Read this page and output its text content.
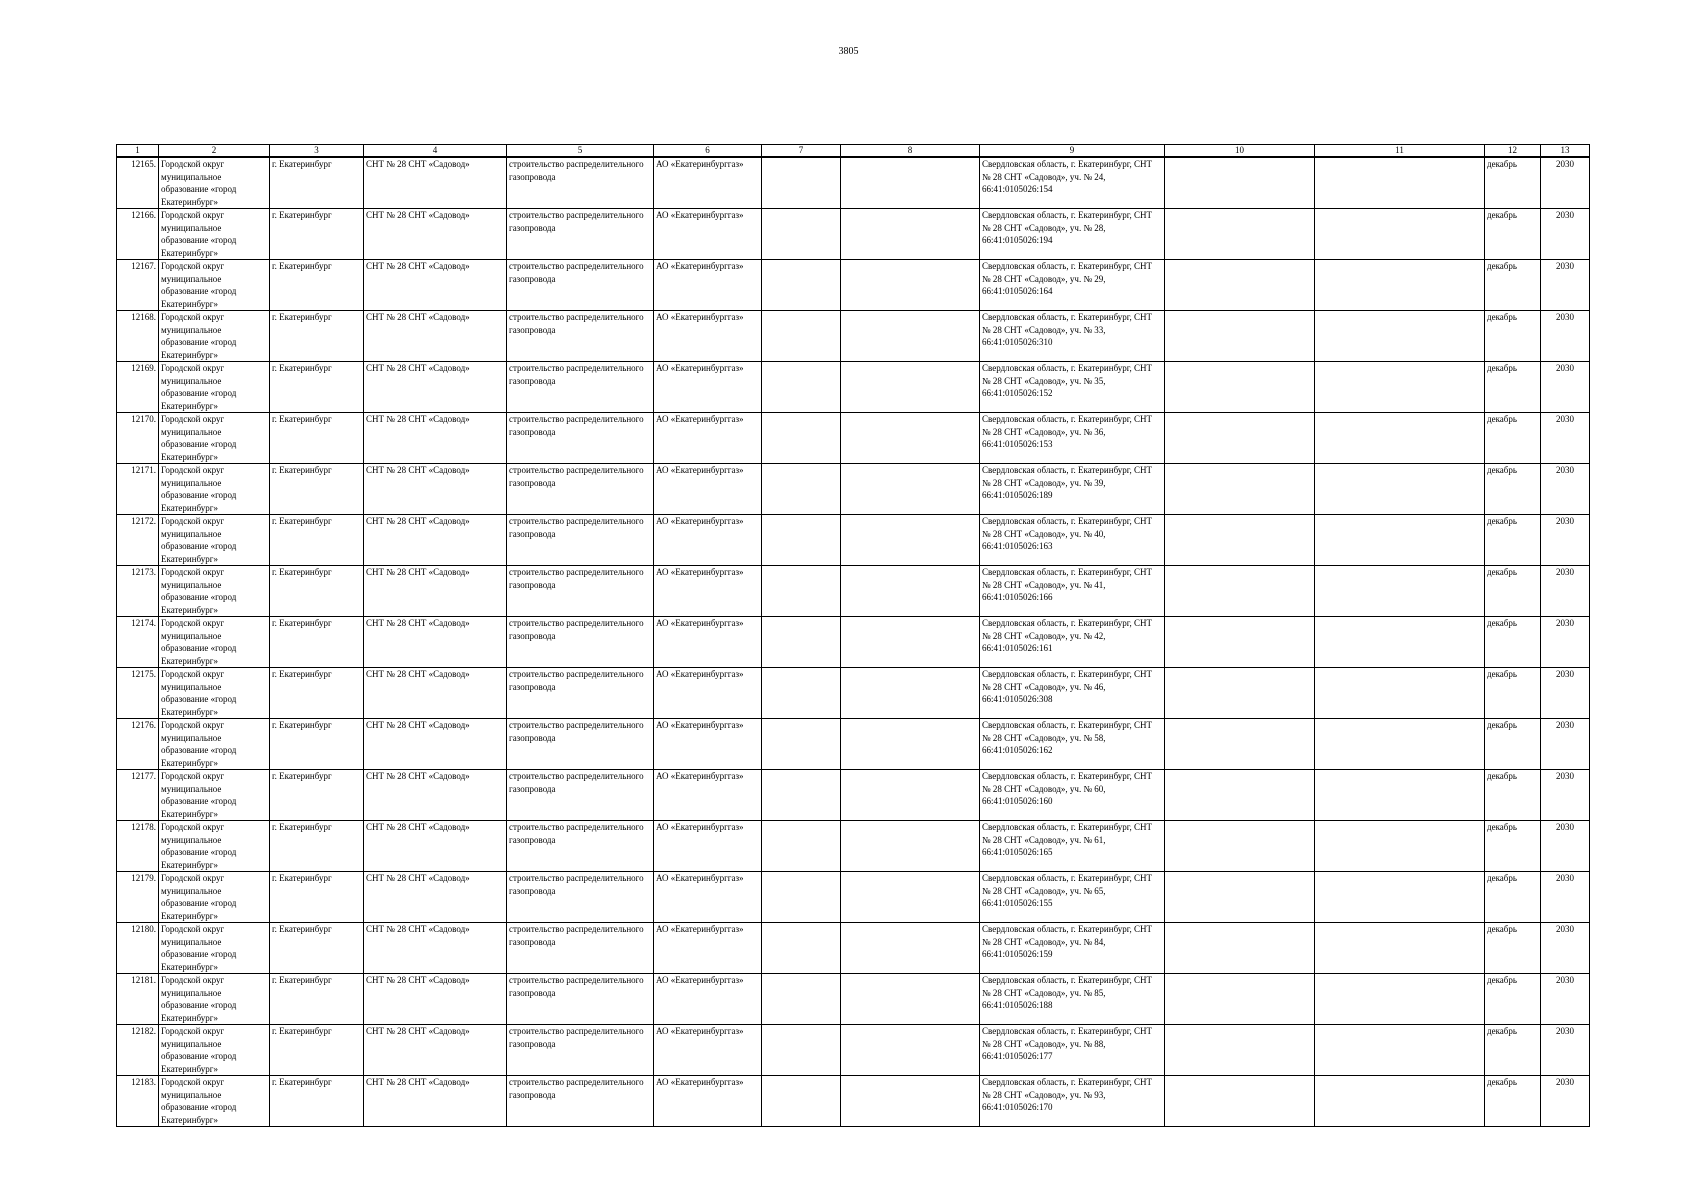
3805
1	2	3	4	5	6	7	8	9	10	11	12	13
12165.	Городской округ муниципальное образование «город Екатеринбург»	г. Екатеринбург	СНТ № 28 СНТ «Садовод»	строительство распределительного газопровода	АО «Екатеринбурггаз»			Свердловская область, г. Екатеринбург, СНТ № 28 СНТ «Садовод», уч. № 24, 66:41:0105026:154			декабрь	2030
12166.	Городской округ муниципальное образование «город Екатеринбург»	г. Екатеринбург	СНТ № 28 СНТ «Садовод»	строительство распределительного газопровода	АО «Екатеринбурггаз»			Свердловская область, г. Екатеринбург, СНТ № 28 СНТ «Садовод», уч. № 28, 66:41:0105026:194			декабрь	2030
12167.	Городской округ муниципальное образование «город Екатеринбург»	г. Екатеринбург	СНТ № 28 СНТ «Садовод»	строительство распределительного газопровода	АО «Екатеринбурггаз»			Свердловская область, г. Екатеринбург, СНТ № 28 СНТ «Садовод», уч. № 29, 66:41:0105026:164			декабрь	2030
12168.	Городской округ муниципальное образование «город Екатеринбург»	г. Екатеринбург	СНТ № 28 СНТ «Садовод»	строительство распределительного газопровода	АО «Екатеринбурггаз»			Свердловская область, г. Екатеринбург, СНТ № 28 СНТ «Садовод», уч. № 33, 66:41:0105026:310			декабрь	2030
12169.	Городской округ муниципальное образование «город Екатеринбург»	г. Екатеринбург	СНТ № 28 СНТ «Садовод»	строительство распределительного газопровода	АО «Екатеринбурггаз»			Свердловская область, г. Екатеринбург, СНТ № 28 СНТ «Садовод», уч. № 35, 66:41:0105026:152			декабрь	2030
12170.	Городской округ муниципальное образование «город Екатеринбург»	г. Екатеринбург	СНТ № 28 СНТ «Садовод»	строительство распределительного газопровода	АО «Екатеринбурггаз»			Свердловская область, г. Екатеринбург, СНТ № 28 СНТ «Садовод», уч. № 36, 66:41:0105026:153			декабрь	2030
12171.	Городской округ муниципальное образование «город Екатеринбург»	г. Екатеринбург	СНТ № 28 СНТ «Садовод»	строительство распределительного газопровода	АО «Екатеринбурггаз»			Свердловская область, г. Екатеринбург, СНТ № 28 СНТ «Садовод», уч. № 39, 66:41:0105026:189			декабрь	2030
12172.	Городской округ муниципальное образование «город Екатеринбург»	г. Екатеринбург	СНТ № 28 СНТ «Садовод»	строительство распределительного газопровода	АО «Екатеринбурггаз»			Свердловская область, г. Екатеринбург, СНТ № 28 СНТ «Садовод», уч. № 40, 66:41:0105026:163			декабрь	2030
12173.	Городской округ муниципальное образование «город Екатеринбург»	г. Екатеринбург	СНТ № 28 СНТ «Садовод»	строительство распределительного газопровода	АО «Екатеринбурггаз»			Свердловская область, г. Екатеринбург, СНТ № 28 СНТ «Садовод», уч. № 41, 66:41:0105026:166			декабрь	2030
12174.	Городской округ муниципальное образование «город Екатеринбург»	г. Екатеринбург	СНТ № 28 СНТ «Садовод»	строительство распределительного газопровода	АО «Екатеринбурггаз»			Свердловская область, г. Екатеринбург, СНТ № 28 СНТ «Садовод», уч. № 42, 66:41:0105026:161			декабрь	2030
12175.	Городской округ муниципальное образование «город Екатеринбург»	г. Екатеринбург	СНТ № 28 СНТ «Садовод»	строительство распределительного газопровода	АО «Екатеринбурггаз»			Свердловская область, г. Екатеринбург, СНТ № 28 СНТ «Садовод», уч. № 46, 66:41:0105026:308			декабрь	2030
12176.	Городской округ муниципальное образование «город Екатеринбург»	г. Екатеринбург	СНТ № 28 СНТ «Садовод»	строительство распределительного газопровода	АО «Екатеринбурггаз»			Свердловская область, г. Екатеринбург, СНТ № 28 СНТ «Садовод», уч. № 58, 66:41:0105026:162			декабрь	2030
12177.	Городской округ муниципальное образование «город Екатеринбург»	г. Екатеринбург	СНТ № 28 СНТ «Садовод»	строительство распределительного газопровода	АО «Екатеринбурггаз»			Свердловская область, г. Екатеринбург, СНТ № 28 СНТ «Садовод», уч. № 60, 66:41:0105026:160			декабрь	2030
12178.	Городской округ муниципальное образование «город Екатеринбург»	г. Екатеринбург	СНТ № 28 СНТ «Садовод»	строительство распределительного газопровода	АО «Екатеринбурггаз»			Свердловская область, г. Екатеринбург, СНТ № 28 СНТ «Садовод», уч. № 61, 66:41:0105026:165			декабрь	2030
12179.	Городской округ муниципальное образование «город Екатеринбург»	г. Екатеринбург	СНТ № 28 СНТ «Садовод»	строительство распределительного газопровода	АО «Екатеринбурггаз»			Свердловская область, г. Екатеринбург, СНТ № 28 СНТ «Садовод», уч. № 65, 66:41:0105026:155			декабрь	2030
12180.	Городской округ муниципальное образование «город Екатеринбург»	г. Екатеринбург	СНТ № 28 СНТ «Садовод»	строительство распределительного газопровода	АО «Екатеринбурггаз»			Свердловская область, г. Екатеринбург, СНТ № 28 СНТ «Садовод», уч. № 84, 66:41:0105026:159			декабрь	2030
12181.	Городской округ муниципальное образование «город Екатеринбург»	г. Екатеринбург	СНТ № 28 СНТ «Садовод»	строительство распределительного газопровода	АО «Екатеринбурггаз»			Свердловская область, г. Екатеринбург, СНТ № 28 СНТ «Садовод», уч. № 85, 66:41:0105026:188			декабрь	2030
12182.	Городской округ муниципальное образование «город Екатеринбург»	г. Екатеринбург	СНТ № 28 СНТ «Садовод»	строительство распределительного газопровода	АО «Екатеринбурггаз»			Свердловская область, г. Екатеринбург, СНТ № 28 СНТ «Садовод», уч. № 88, 66:41:0105026:177			декабрь	2030
12183.	Городской округ муниципальное образование «город Екатеринбург»	г. Екатеринбург	СНТ № 28 СНТ «Садовод»	строительство распределительного газопровода	АО «Екатеринбурггаз»			Свердловская область, г. Екатеринбург, СНТ № 28 СНТ «Садовод», уч. № 93, 66:41:0105026:170			декабрь	2030
